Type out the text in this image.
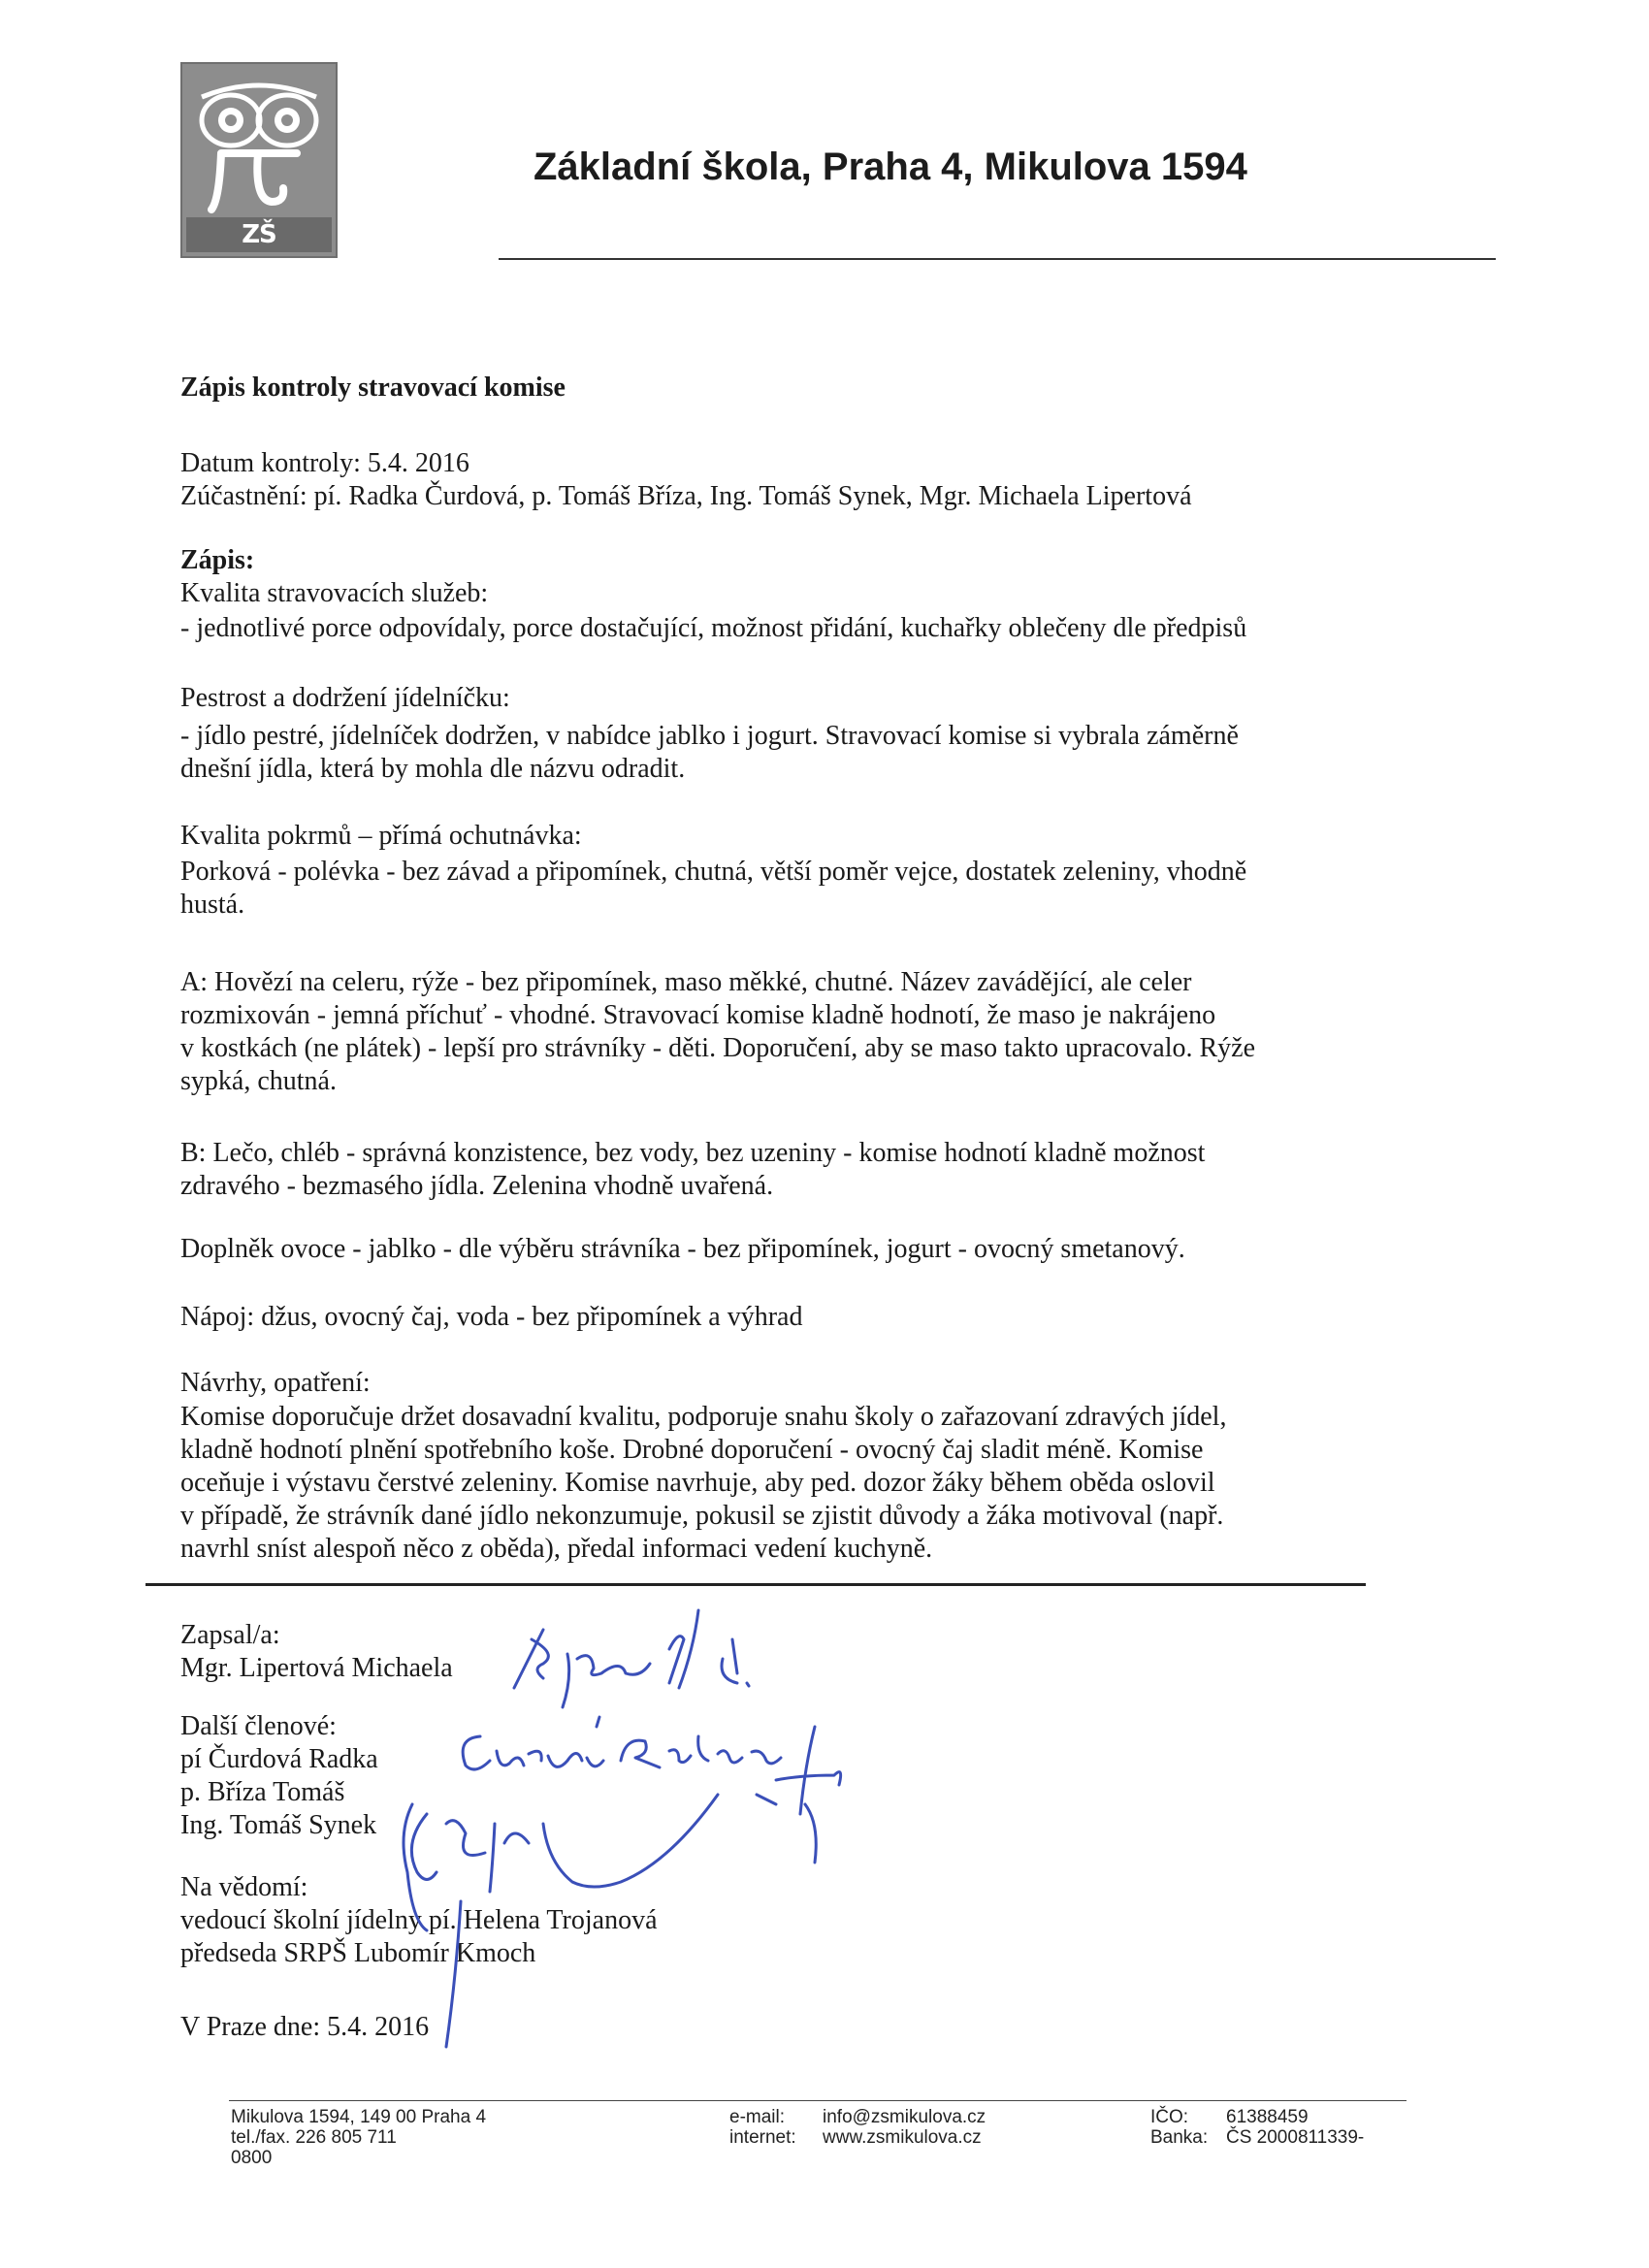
ZŠ Mikulova
Základní škola, Praha 4, Mikulova 1594
Zápis kontroly stravovací komise
Datum kontroly: 5.4. 2016
Zúčastnění: pí. Radka Čurdová, p. Tomáš Bříza, Ing. Tomáš Synek, Mgr. Michaela Lipertová
Zápis:
Kvalita stravovacích služeb:
- jednotlivé porce odpovídaly, porce dostačující, možnost přidání, kuchařky oblečeny dle předpisů
Pestrost a dodržení jídelníčku:

- jídlo pestré, jídelníček dodržen, v nabídce jablko i jogurt. Stravovací komise si vybrala záměrně

dnešní jídla, která by mohla dle názvu odradit.

Kvalita pokrmů – přímá ochutnávka:

Porková - polévka - bez závad a připomínek, chutná, větší poměr vejce, dostatek zeleniny, vhodně

hustá.

A: Hovězí na celeru, rýže - bez připomínek, maso měkké, chutné. Název zavádějící, ale celer

rozmixován - jemná příchuť - vhodné. Stravovací komise kladně hodnotí, že maso je nakrájeno

v kostkách (ne plátek) - lepší pro strávníky - děti. Doporučení, aby se maso takto upracovalo. Rýže

sypká, chutná.

B: Lečo, chléb - správná konzistence, bez vody, bez uzeniny - komise hodnotí kladně možnost

zdravého - bezmasého jídla. Zelenina vhodně uvařená.

Doplněk ovoce - jablko - dle výběru strávníka - bez připomínek, jogurt - ovocný smetanový.
Nápoj: džus, ovocný čaj, voda - bez připomínek a výhrad
Návrhy, opatření:

Komise doporučuje držet dosavadní kvalitu, podporuje snahu školy o zařazovaní zdravých jídel,

kladně hodnotí plnění spotřebního koše. Drobné doporučení - ovocný čaj sladit méně. Komise

oceňuje i výstavu čerstvé zeleniny. Komise navrhuje, aby ped. dozor žáky během oběda oslovil

v případě, že strávník dané jídlo nekonzumuje, pokusil se zjistit důvody a žáka motivoval (např.

navrhl sníst alespoň něco z oběda), předal informaci vedení kuchyně.

Zapsal/a:
Mgr. Lipertová Michaela
Další členové:
pí Čurdová Radka
p. Bříza Tomáš
Ing. Tomáš Synek
Na vědomí:
vedoucí školní jídelny pí. Helena Trojanová
předseda SRPŠ Lubomír Kmoch
V Praze dne: 5.4. 2016

Mikulova 1594, 149 00 Praha 4

tel./fax. 226 805 711

0800

e-mail:

internet:

info@zsmikulova.cz

www.zsmikulova.cz

IČO:

Banka:

61388459

ČS 2000811339-
